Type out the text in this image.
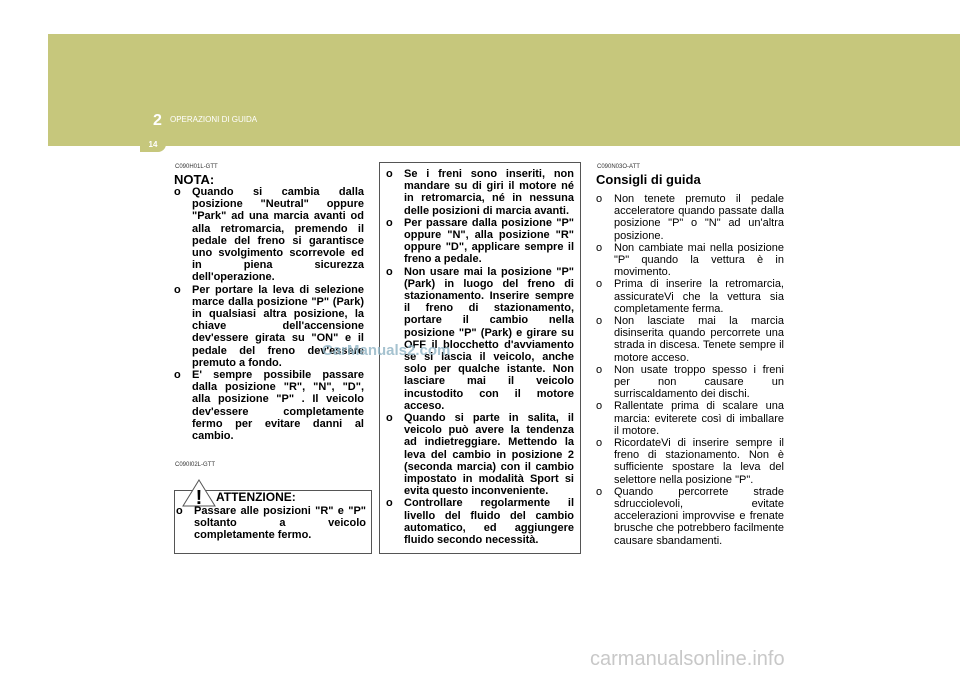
2 OPERAZIONI DI GUIDA
14
C090H01L-GTT
NOTA:
o Quando si cambia dalla posizione "Neutral" oppure "Park" ad una marcia avanti od alla retromarcia, premendo il pedale del freno si garantisce uno svolgimento scorrevole ed in piena sicurezza dell'operazione.
o Per portare la leva di selezione marce dalla posizione "P" (Park) in qualsiasi altra posizione, la chiave dell'accensione dev'essere girata su "ON" e il pedale del freno dev'essere premuto a fondo.
o E' sempre possibile passare dalla posizione "R", "N", "D", alla posizione "P" . Il veicolo dev'essere completamente fermo per evitare danni al cambio.
C090I02L-GTT
! ATTENZIONE:
o Passare alle posizioni "R" e "P" soltanto a veicolo completamente fermo.
o Se i freni sono inseriti, non mandare su di giri il motore né in retromarcia, né in nessuna delle posizioni di marcia avanti.
o Per passare dalla posizione "P" oppure "N", alla posizione "R" oppure "D", applicare sempre il freno a pedale.
o Non usare mai la posizione "P" (Park) in luogo del freno di stazionamento. Inserire sempre il freno di stazionamento, portare il cambio nella posizione "P" (Park) e girare su OFF il blocchetto d'avviamento se si lascia il veicolo, anche solo per qualche istante. Non lasciare mai il veicolo incustodito con il motore acceso.
o Quando si parte in salita, il veicolo può avere la tendenza ad indietreggiare. Mettendo la leva del cambio in posizione 2 (seconda marcia) con il cambio impostato in modalità Sport si evita questo inconveniente.
o Controllare regolarmente il livello del fluido del cambio automatico, ed aggiungere fluido secondo necessità.
C090N03O-ATT
Consigli di guida
o Non tenete premuto il pedale acceleratore quando passate dalla posizione "P" o "N" ad un'altra posizione.
o Non cambiate mai nella posizione "P" quando la vettura è in movimento.
o Prima di inserire la retromarcia, assicurateVi che la vettura sia completamente ferma.
o Non lasciate mai la marcia disinserita quando percorrete una strada in discesa. Tenete sempre il motore acceso.
o Non usate troppo spesso i freni per non causare un surriscaldamento dei dischi.
o Rallentate prima di scalare una marcia: eviterete così di imballare il motore.
o RicordateVi di inserire sempre il freno di stazionamento. Non è sufficiente spostare la leva del selettore nella posizione "P".
o Quando percorrete strade sdrucciolevoli, evitate accelerazioni improvvise e frenate brusche che potrebbero facilmente causare sbandamenti.
CarManuals2.com
carmanualsonline.info
